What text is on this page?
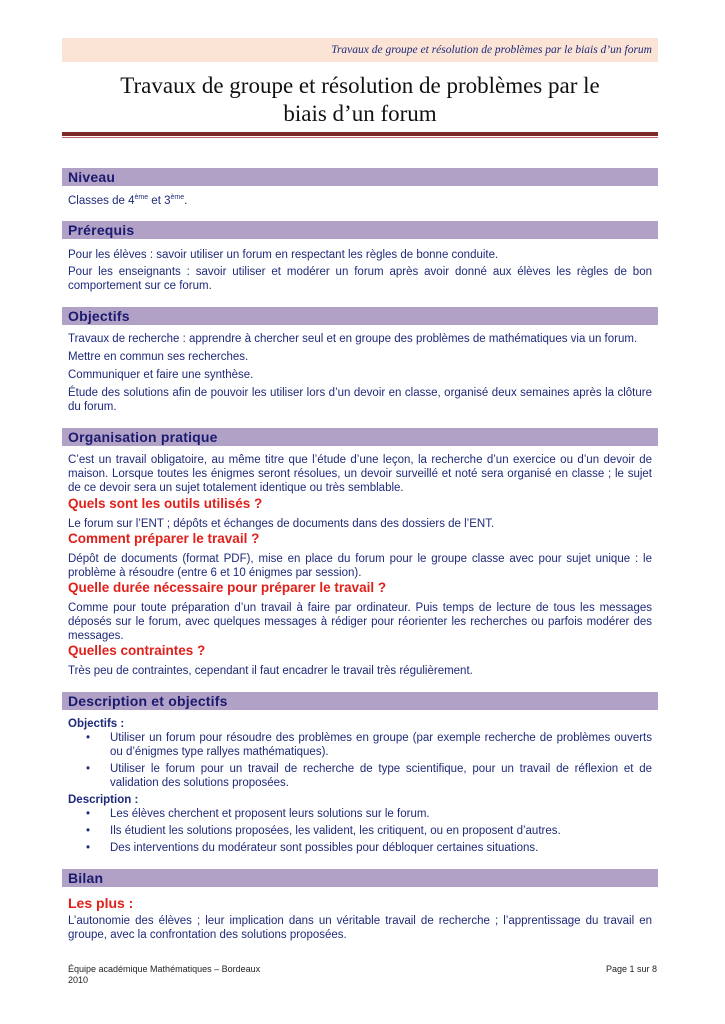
Travaux de groupe et résolution de problèmes par le biais d’un forum
Travaux de groupe et résolution de problèmes par le
biais d’un forum
Niveau

Classes de 4ème et 3ème.

Prérequis

Pour les élèves : savoir utiliser un forum en respectant les règles de bonne conduite.

Pour les enseignants : savoir utiliser et modérer un forum après avoir donné aux élèves les règles de bon comportement sur ce forum.

Objectifs

Travaux de recherche : apprendre à chercher seul et en groupe des problèmes de mathématiques via un forum.

Mettre en commun ses recherches.

Communiquer et faire une synthèse.

Étude des solutions afin de pouvoir les utiliser lors d’un devoir en classe, organisé deux semaines après la clôture du forum.

Organisation pratique

C’est un travail obligatoire, au même titre que l’étude d’une leçon, la recherche d’un exercice ou d’un devoir de maison. Lorsque toutes les énigmes seront résolues, un devoir surveillé et noté sera organisé en classe ; le sujet de ce devoir sera un sujet totalement identique ou très semblable.

Quels sont les outils utilisés ?

Le forum sur l’ENT ; dépôts et échanges de documents dans des dossiers de l’ENT.

Comment préparer le travail ?

Dépôt de documents (format PDF), mise en place du forum pour le groupe classe avec pour sujet unique : le problème à résoudre (entre 6 et 10 énigmes par session).

Quelle durée nécessaire pour préparer le travail ?

Comme pour toute préparation d’un travail à faire par ordinateur. Puis temps de lecture de tous les messages déposés sur le forum, avec quelques messages à rédiger pour réorienter les recherches ou parfois modérer des messages.

Quelles contraintes ?

Très peu de contraintes, cependant il faut encadrer le travail très régulièrement.

Description et objectifs

Objectifs :

• Utiliser un forum pour résoudre des problèmes en groupe (par exemple recherche de problèmes ouverts ou d’énigmes type rallyes mathématiques).
• Utiliser le forum pour un travail de recherche de type scientifique, pour un travail de réflexion et de validation des solutions proposées.

Description :

• Les élèves cherchent et proposent leurs solutions sur le forum.
• Ils étudient les solutions proposées, les valident, les critiquent, ou en proposent d’autres.
• Des interventions du modérateur sont possibles pour débloquer certaines situations.
Bilan

Les plus :

L’autonomie des élèves ; leur implication dans un véritable travail de recherche ; l’apprentissage du travail en groupe, avec la confrontation des solutions proposées.

Équipe académique Mathématiques – Bordeaux
2010
Page 1 sur 8
